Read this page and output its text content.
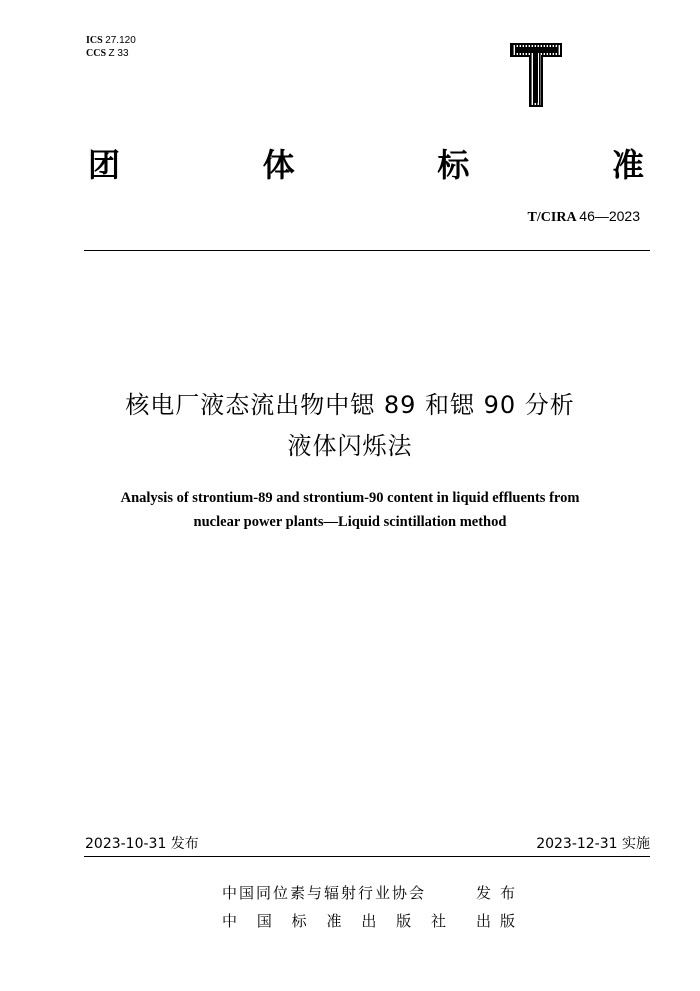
ICS 27.120
CCS Z 33
团	体	标	准
T/CIRA 46—2023
核电厂液态流出物中锶 89 和锶 90 分析
液体闪烁法
Analysis of strontium-89 and strontium-90 content in liquid effluents from
nuclear power plants—Liquid scintillation method
2023-10-31 发布	2023-12-31 实施
中国同位素与辐射行业协会	发布
中 国 标 准 出 版 社 出版
